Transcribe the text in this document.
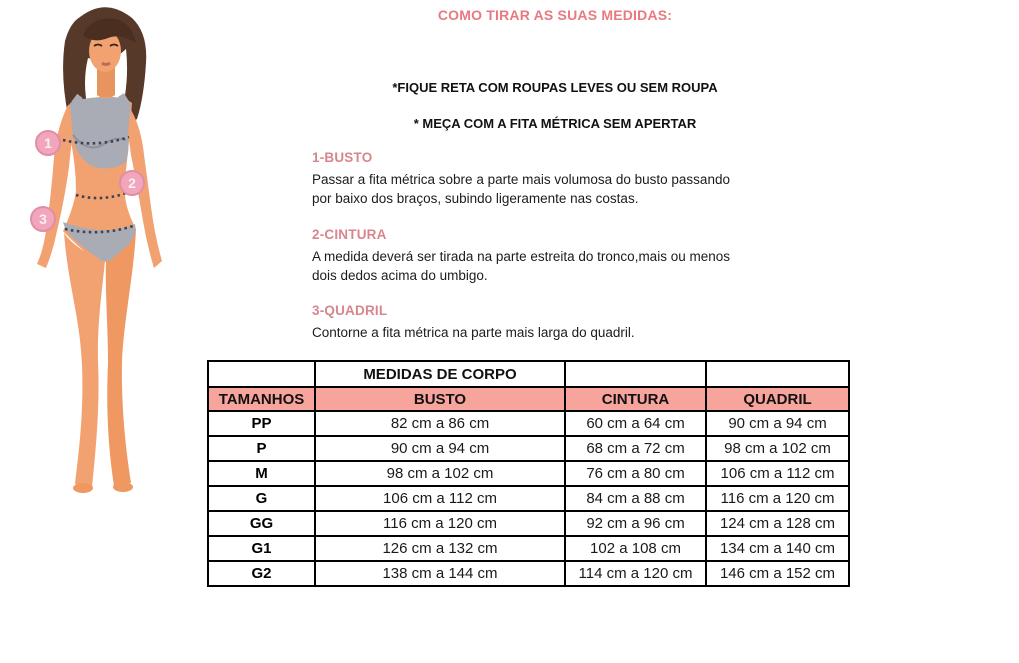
1
2
3
COMO TIRAR AS SUAS MEDIDAS:
*FIQUE RETA COM ROUPAS LEVES OU SEM ROUPA
* MEÇA COM A FITA MÉTRICA SEM APERTAR
1-BUSTO
Passar a fita métrica sobre a parte mais volumosa do busto passando
por baixo dos braços, subindo ligeramente nas costas.
2-CINTURA
A medida deverá ser tirada na parte estreita do tronco,mais ou menos
dois dedos acima do umbigo.
3-QUADRIL
Contorne a fita métrica na parte mais larga do quadril.
	MEDIDAS DE CORPO		
TAMANHOS	BUSTO	CINTURA	QUADRIL
PP	82 cm a 86 cm	60 cm a 64 cm	90 cm a 94 cm
P	90 cm a 94 cm	68 cm a 72 cm	98 cm a 102 cm
M	98 cm a 102 cm	76 cm a 80 cm	106 cm a 112 cm
G	106 cm a 112 cm	84 cm a 88 cm	116 cm a 120 cm
GG	116 cm a 120 cm	92 cm a 96 cm	124 cm a 128 cm
G1	126 cm a 132 cm	102 a 108 cm	134 cm a 140 cm
G2	138 cm a 144 cm	114 cm a 120 cm	146 cm a 152 cm
